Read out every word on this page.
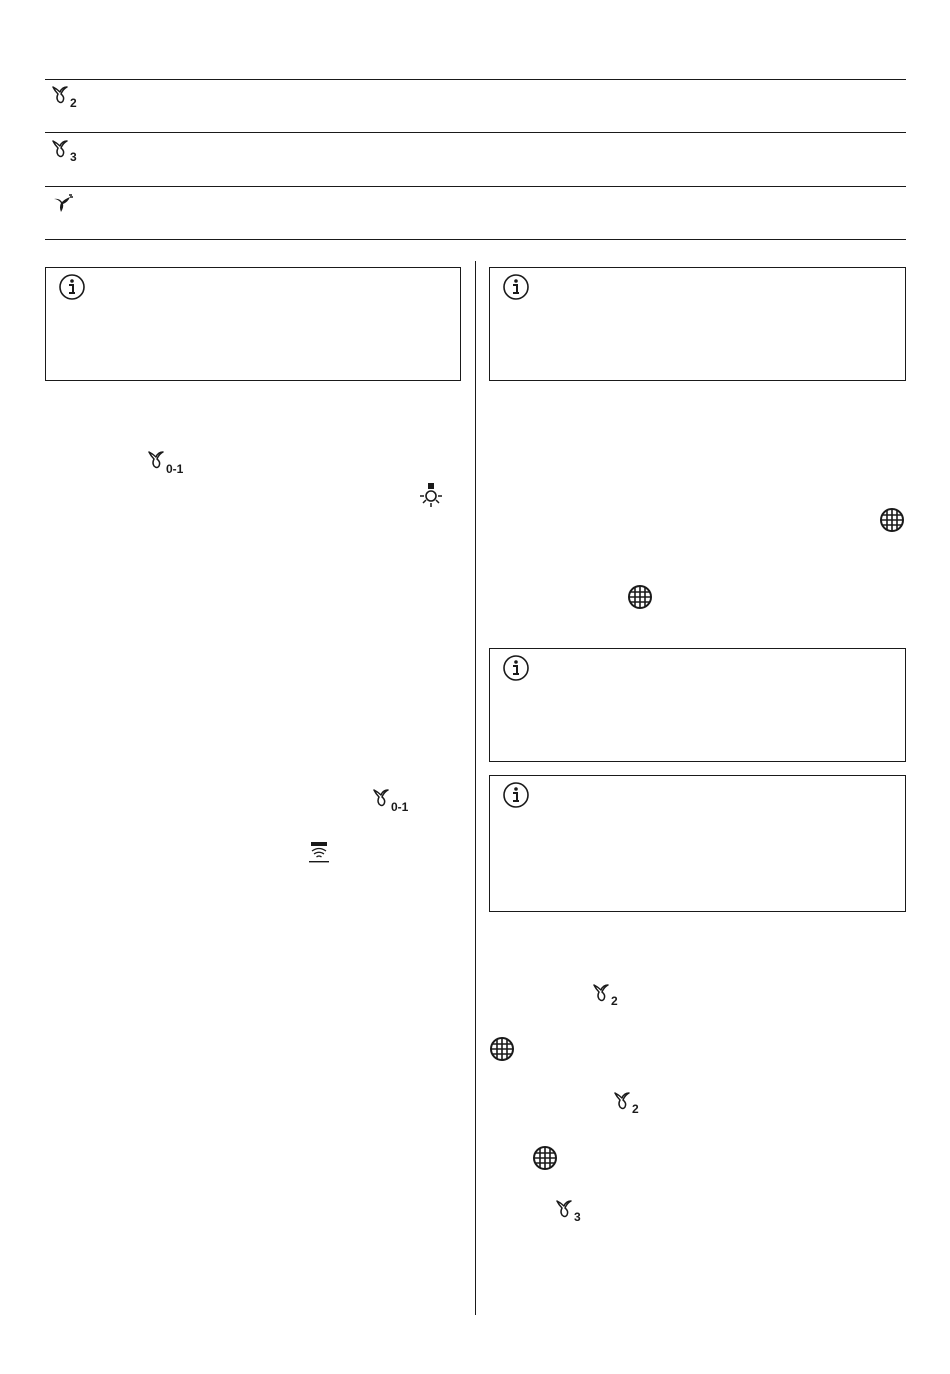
2
3
0-1
0-1
2
2
3
